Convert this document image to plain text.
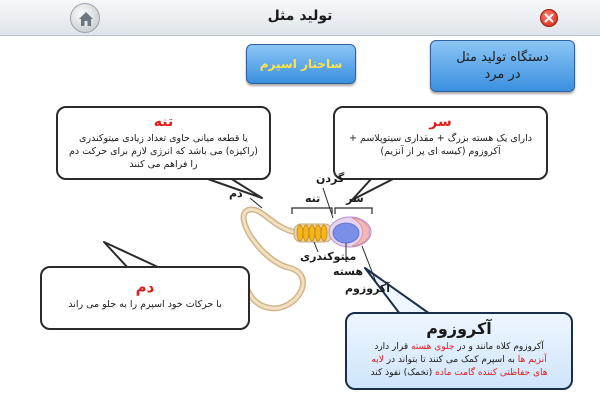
تولید مثل
ساختار اسپرم	دستگاه تولید مثل
در مرد
دم
گردن
تنه سر
میتوکندری
هسته
آکروزوم
تنه
یا قطعه میانی حاوی تعداد زیادی میتوکندری (راکیزه) می باشد که انرژی لازم برای حرکت دم را فراهم می کنند
سر
دارای یک هسته بزرگ + مقداری سیتوپلاسم + آکروزوم (کیسه ای پر از آنزیم)
دم
با حرکات خود اسپرم را به جلو می راند
آکروزوم
آکروزوم کلاه مانند و در جلوی هسته قرار دارد
آنزیم ها به اسپرم کمک می کنند تا بتواند در لایه
های حفاظتی کننده گامت ماده (تخمک) نفوذ کند
